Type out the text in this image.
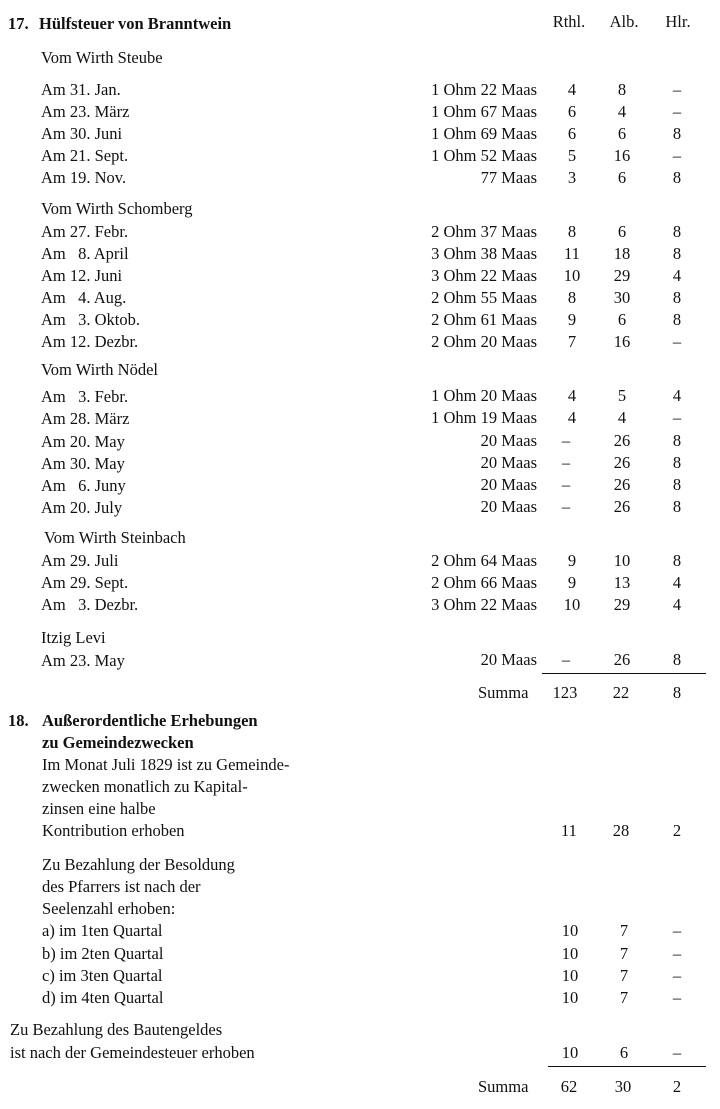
Rthl.	Alb.	Hlr.
17. Hülfsteuer von Branntwein
Vom Wirth Steube
Vom Wirth Schomberg
Vom Wirth Nödel
Vom Wirth Steinbach
Itzig Levi
Am 31. Jan.	1 Ohm 22 Maas	4	8	–
Am 23. März	1 Ohm 67 Maas	6	4	–
Am 30. Juni	1 Ohm 69 Maas	6	6	8
Am 21. Sept.	1 Ohm 52 Maas	5	16	–
Am 19. Nov.	77 Maas	3	6	8
Am 27. Febr.	2 Ohm 37 Maas	8	6	8
Am   8. April	3 Ohm 38 Maas	11	18	8
Am 12. Juni	3 Ohm 22 Maas	10	29	4
Am   4. Aug.	2 Ohm 55 Maas	8	30	8
Am   3. Oktob.	2 Ohm 61 Maas	9	6	8
Am 12. Dezbr.	2 Ohm 20 Maas	7	16	–
Am   3. Febr.	1 Ohm 20 Maas	4	5	4
Am 28. März	1 Ohm 19 Maas	4	4	–
Am 20. May	20 Maas	–	26	8
Am 30. May	20 Maas	–	26	8
Am   6. Juny	20 Maas	–	26	8
Am 20. July	20 Maas	–	26	8
Am 29. Juli	2 Ohm 64 Maas	9	10	8
Am 29. Sept.	2 Ohm 66 Maas	9	13	4
Am   3. Dezbr.	3 Ohm 22 Maas	10	29	4
Am 23. May	20 Maas	–	26	8
Summa	123	22	8
18. Außerordentliche Erhebungen
zu Gemeindezwecken
Im Monat Juli 1829 ist zu Gemeinde-
zwecken monatlich zu Kapital-
zinsen eine halbe
Kontribution erhoben	11	28	2
Zu Bezahlung der Besoldung
des Pfarrers ist nach der
Seelenzahl erhoben:
a) im 1ten Quartal	10	7	–
b) im 2ten Quartal	10	7	–
c) im 3ten Quartal	10	7	–
d) im 4ten Quartal	10	7	–
Zu Bezahlung des Bautengeldes
ist nach der Gemeindesteuer erhoben	10	6	–
Summa	62	30	2
